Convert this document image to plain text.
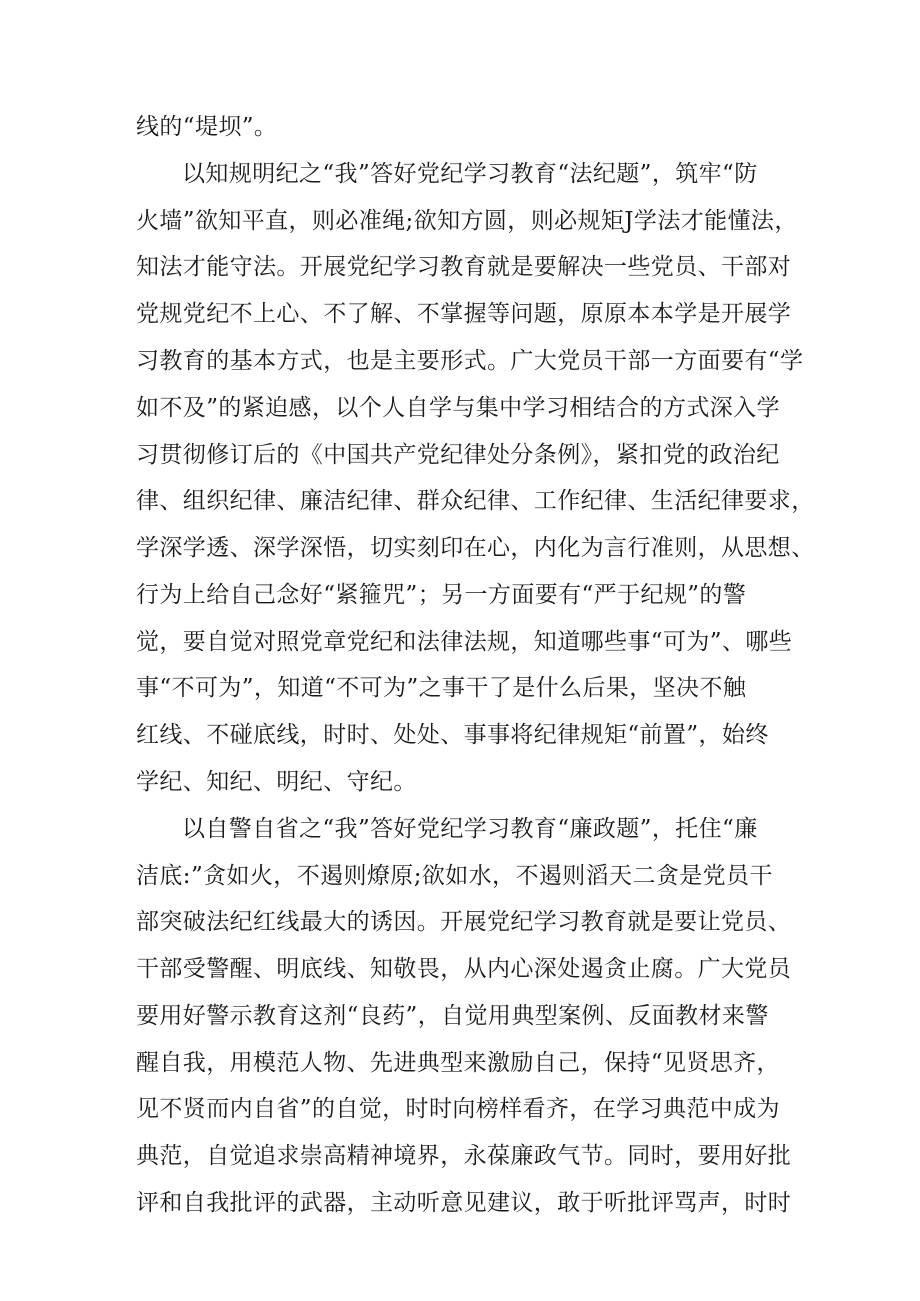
线的“堤坝”。
以知规明纪之“我”答好党纪学习教育“法纪题”，筑牢“防
火墙”欲知平直，则必准绳;欲知方圆，则必规矩J学法才能懂法，
知法才能守法。开展党纪学习教育就是要解决一些党员、干部对
党规党纪不上心、不了解、不掌握等问题，原原本本学是开展学
习教育的基本方式，也是主要形式。广大党员干部一方面要有“学
如不及”的紧迫感，以个人自学与集中学习相结合的方式深入学
习贯彻修订后的《中国共产党纪律处分条例》，紧扣党的政治纪
律、组织纪律、廉洁纪律、群众纪律、工作纪律、生活纪律要求，
学深学透、深学深悟，切实刻印在心，内化为言行准则，从思想、
行为上给自己念好“紧箍咒”；另一方面要有“严于纪规”的警
觉，要自觉对照党章党纪和法律法规，知道哪些事“可为”、哪些
事“不可为”，知道“不可为”之事干了是什么后果，坚决不触
红线、不碰底线，时时、处处、事事将纪律规矩“前置”，始终
学纪、知纪、明纪、守纪。
以自警自省之“我”答好党纪学习教育“廉政题”，托住“廉
洁底:”贪如火，不遏则燎原;欲如水，不遏则滔天二贪是党员干
部突破法纪红线最大的诱因。开展党纪学习教育就是要让党员、
干部受警醒、明底线、知敬畏，从内心深处遏贪止腐。广大党员
要用好警示教育这剂“良药”，自觉用典型案例、反面教材来警
醒自我，用模范人物、先进典型来激励自己，保持“见贤思齐，
见不贤而内自省”的自觉，时时向榜样看齐，在学习典范中成为
典范，自觉追求崇高精神境界，永葆廉政气节。同时，要用好批
评和自我批评的武器，主动听意见建议，敢于听批评骂声，时时
